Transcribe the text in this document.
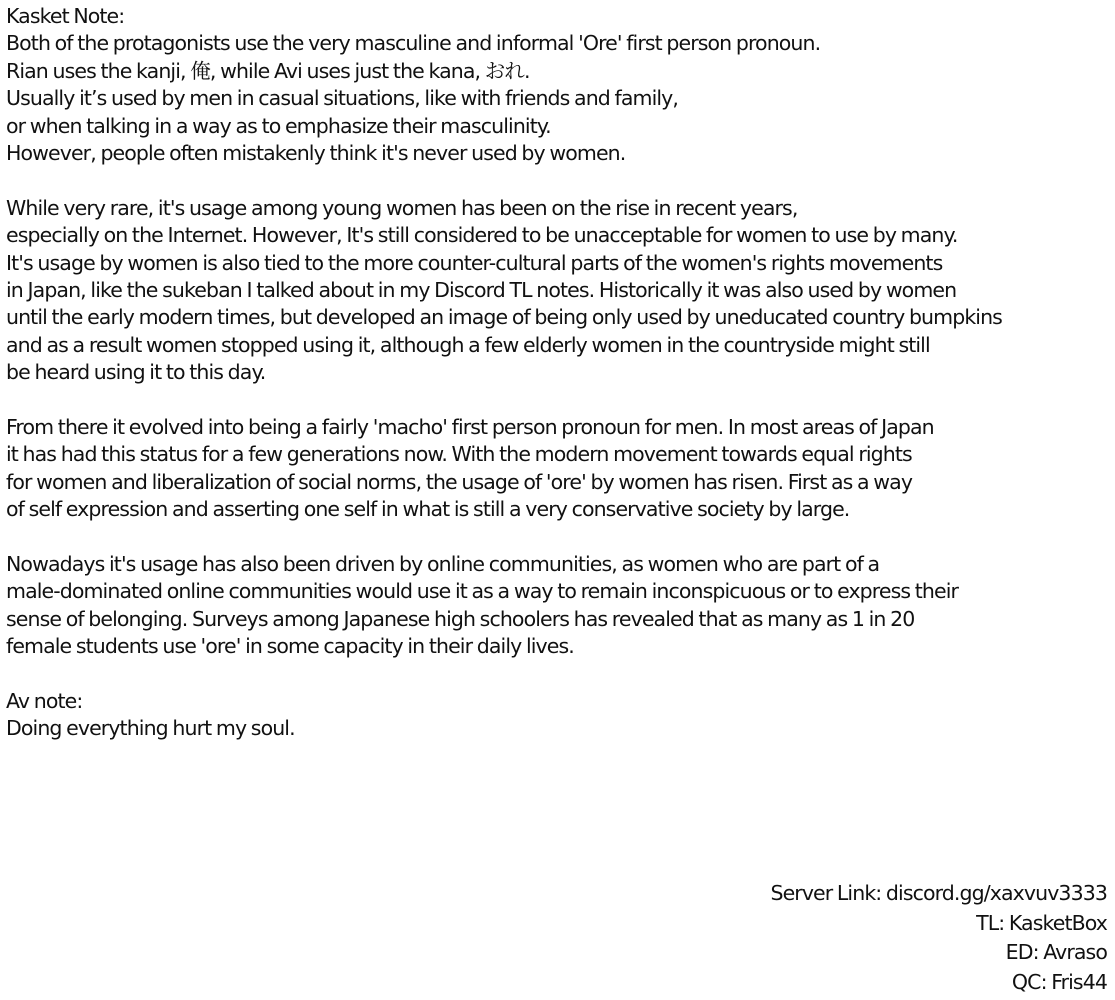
Kasket Note:
Both of the protagonists use the very masculine and informal 'Ore' first person pronoun.
Rian uses the kanji, 俺, while Avi uses just the kana, おれ.
Usually it’s used by men in casual situations, like with friends and family,
or when talking in a way as to emphasize their masculinity.
However, people often mistakenly think it's never used by women.
While very rare, it's usage among young women has been on the rise in recent years,
especially on the Internet. However, It's still considered to be unacceptable for women to use by many.
It's usage by women is also tied to the more counter-cultural parts of the women's rights movements
in Japan, like the sukeban I talked about in my Discord TL notes. Historically it was also used by women
until the early modern times, but developed an image of being only used by uneducated country bumpkins
and as a result women stopped using it, although a few elderly women in the countryside might still
be heard using it to this day.
From there it evolved into being a fairly 'macho' first person pronoun for men. In most areas of Japan
it has had this status for a few generations now. With the modern movement towards equal rights
for women and liberalization of social norms, the usage of 'ore' by women has risen. First as a way
of self expression and asserting one self in what is still a very conservative society by large.
Nowadays it's usage has also been driven by online communities, as women who are part of a
male-dominated online communities would use it as a way to remain inconspicuous or to express their
sense of belonging. Surveys among Japanese high schoolers has revealed that as many as 1 in 20
female students use 'ore' in some capacity in their daily lives.
Av note:
Doing everything hurt my soul.
Server Link: discord.gg/xaxvuv3333
TL: KasketBox
ED: Avraso
QC: Fris44
